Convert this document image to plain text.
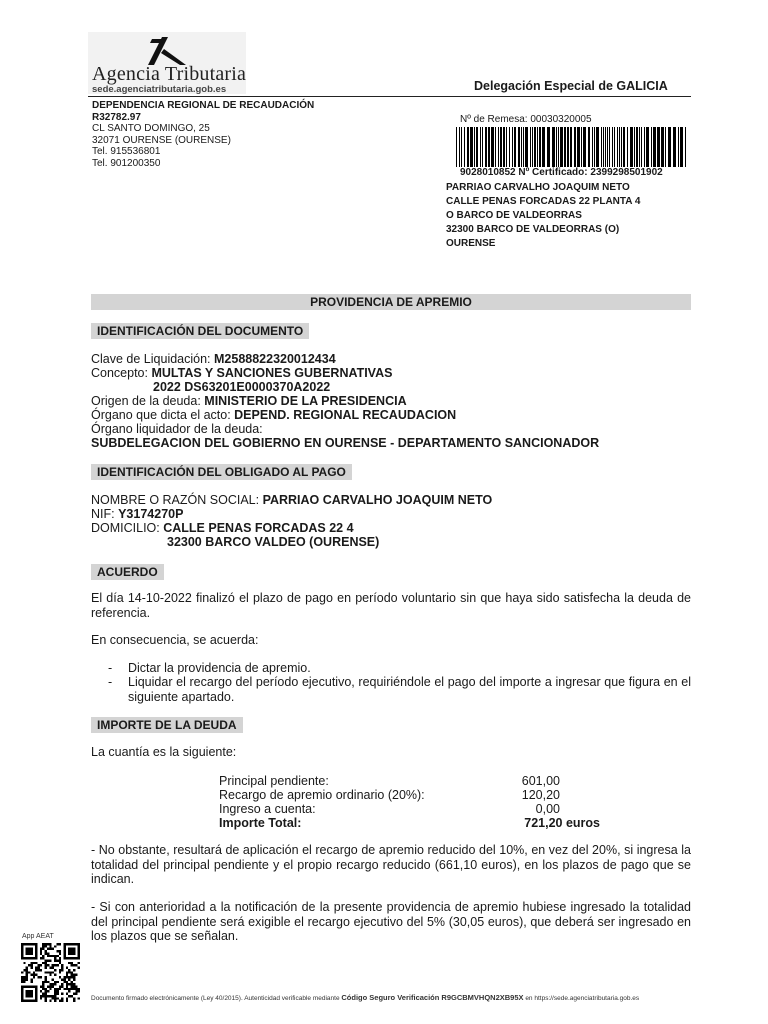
Agencia Tributaria
sede.agenciatributaria.gob.es	Delegación Especial de GALICIA
DEPENDENCIA REGIONAL DE RECAUDACIÓN
R32782.97
CL SANTO DOMINGO, 25
32071 OURENSE (OURENSE)
Tel. 915536801
Tel. 901200350
Nº de Remesa: 00030320005
9028010852 Nº Certificado: 2399298501902
PARRIAO CARVALHO JOAQUIM NETO
CALLE PENAS FORCADAS 22 PLANTA 4
O BARCO DE VALDEORRAS
32300 BARCO DE VALDEORRAS (O)
OURENSE
PROVIDENCIA DE APREMIO
IDENTIFICACIÓN DEL DOCUMENTO
Clave de Liquidación: M2588822320012434
Concepto: MULTAS Y SANCIONES GUBERNATIVAS
2022 DS63201E0000370A2022
Origen de la deuda: MINISTERIO DE LA PRESIDENCIA
Órgano que dicta el acto: DEPEND. REGIONAL RECAUDACION
Órgano liquidador de la deuda:
SUBDELEGACION DEL GOBIERNO EN OURENSE - DEPARTAMENTO SANCIONADOR
IDENTIFICACIÓN DEL OBLIGADO AL PAGO
NOMBRE O RAZÓN SOCIAL: PARRIAO CARVALHO JOAQUIM NETO
NIF: Y3174270P
DOMICILIO: CALLE PENAS FORCADAS 22 4
32300 BARCO VALDEO (OURENSE)
ACUERDO
El día 14-10-2022 finalizó el plazo de pago en período voluntario sin que haya sido satisfecha la deuda de referencia.
En consecuencia, se acuerda:
- Dictar la providencia de apremio.
- Liquidar el recargo del período ejecutivo, requiriéndole el pago del importe a ingresar que figura en el siguiente apartado.
IMPORTE DE LA DEUDA
La cuantía es la siguiente:
Principal pendiente:	601,00
Recargo de apremio ordinario (20%):	120,20
Ingreso a cuenta:	0,00
Importe Total:	721,20 euros
- No obstante, resultará de aplicación el recargo de apremio reducido del 10%, en vez del 20%, si ingresa la totalidad del principal pendiente y el propio recargo reducido (661,10 euros), en los plazos de pago que se indican.
- Si con anterioridad a la notificación de la presente providencia de apremio hubiese ingresado la totalidad del principal pendiente será exigible el recargo ejecutivo del 5% (30,05 euros), que deberá ser ingresado en los plazos que se señalan.
App AEAT
Documento firmado electrónicamente (Ley 40/2015). Autenticidad verificable mediante Código Seguro Verificación R9GCBMVHQN2XB95X en https://sede.agenciatributaria.gob.es
